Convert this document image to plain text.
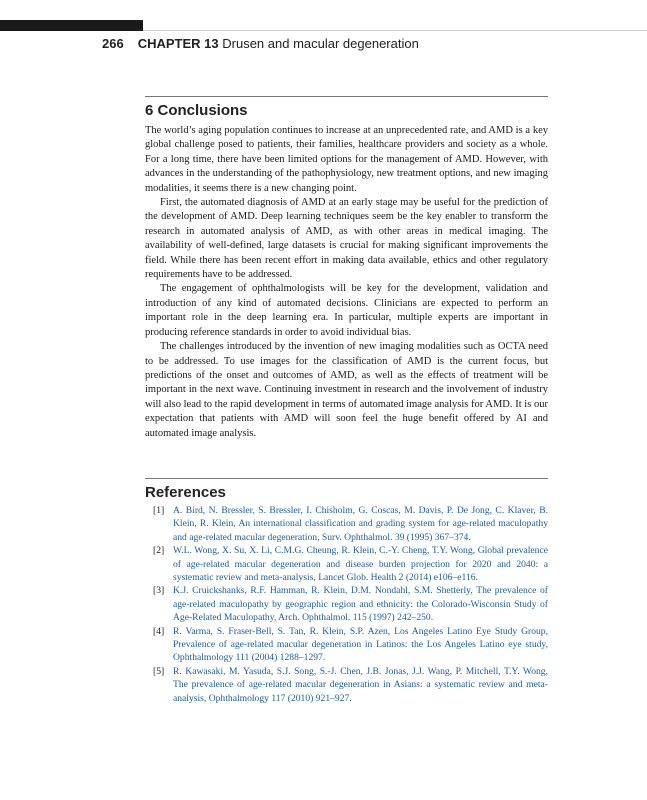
266 CHAPTER 13 Drusen and macular degeneration
6 Conclusions

The world’s aging population continues to increase at an unprecedented rate, and AMD is a key global challenge posed to patients, their families, healthcare providers and society as a whole. For a long time, there have been limited options for the management of AMD. However, with advances in the understanding of the pathophysiology, new treatment options, and new imaging modalities, it seems there is a new changing point.

First, the automated diagnosis of AMD at an early stage may be useful for the prediction of the development of AMD. Deep learning techniques seem be the key enabler to transform the research in automated analysis of AMD, as with other areas in medical imaging. The availability of well-defined, large datasets is crucial for making significant improvements the field. While there has been recent effort in making data available, ethics and other regulatory requirements have to be addressed.

The engagement of ophthalmologists will be key for the development, validation and introduction of any kind of automated decisions. Clinicians are expected to perform an important role in the deep learning era. In particular, multiple experts are important in producing reference standards in order to avoid individual bias.

The challenges introduced by the invention of new imaging modalities such as OCTA need to be addressed. To use images for the classification of AMD is the current focus, but predictions of the onset and outcomes of AMD, as well as the effects of treatment will be important in the next wave. Continuing investment in research and the involvement of industry will also lead to the rapid development in terms of automated image analysis for AMD. It is our expectation that patients with AMD will soon feel the huge benefit offered by AI and automated image analysis.

References
[1] A. Bird, N. Bressler, S. Bressler, I. Chisholm, G. Coscas, M. Davis, P. De Jong, C. Klaver, B. Klein, R. Klein, An international classification and grading system for age-related maculopathy and age-related macular degeneration, Surv. Ophthalmol. 39 (1995) 367–374.
[2] W.L. Wong, X. Su, X. Li, C.M.G. Cheung, R. Klein, C.-Y. Cheng, T.Y. Wong, Global prevalence of age-related macular degeneration and disease burden projection for 2020 and 2040: a systematic review and meta-analysis, Lancet Glob. Health 2 (2014) e106–e116.
[3] K.J. Cruickshanks, R.F. Hamman, R. Klein, D.M. Nondahl, S.M. Shetterly, The prevalence of age-related maculopathy by geographic region and ethnicity: the Colorado-Wisconsin Study of Age-Related Maculopathy, Arch. Ophthalmol. 115 (1997) 242–250.
[4] R. Varma, S. Fraser-Bell, S. Tan, R. Klein, S.P. Azen, Los Angeles Latino Eye Study Group, Prevalence of age-related macular degeneration in Latinos: the Los Angeles Latino eye study, Ophthalmology 111 (2004) 1288–1297.
[5] R. Kawasaki, M. Yasuda, S.J. Song, S.-J. Chen, J.B. Jonas, J.J. Wang, P. Mitchell, T.Y. Wong, The prevalence of age-related macular degeneration in Asians: a systematic review and meta-analysis, Ophthalmology 117 (2010) 921–927.
